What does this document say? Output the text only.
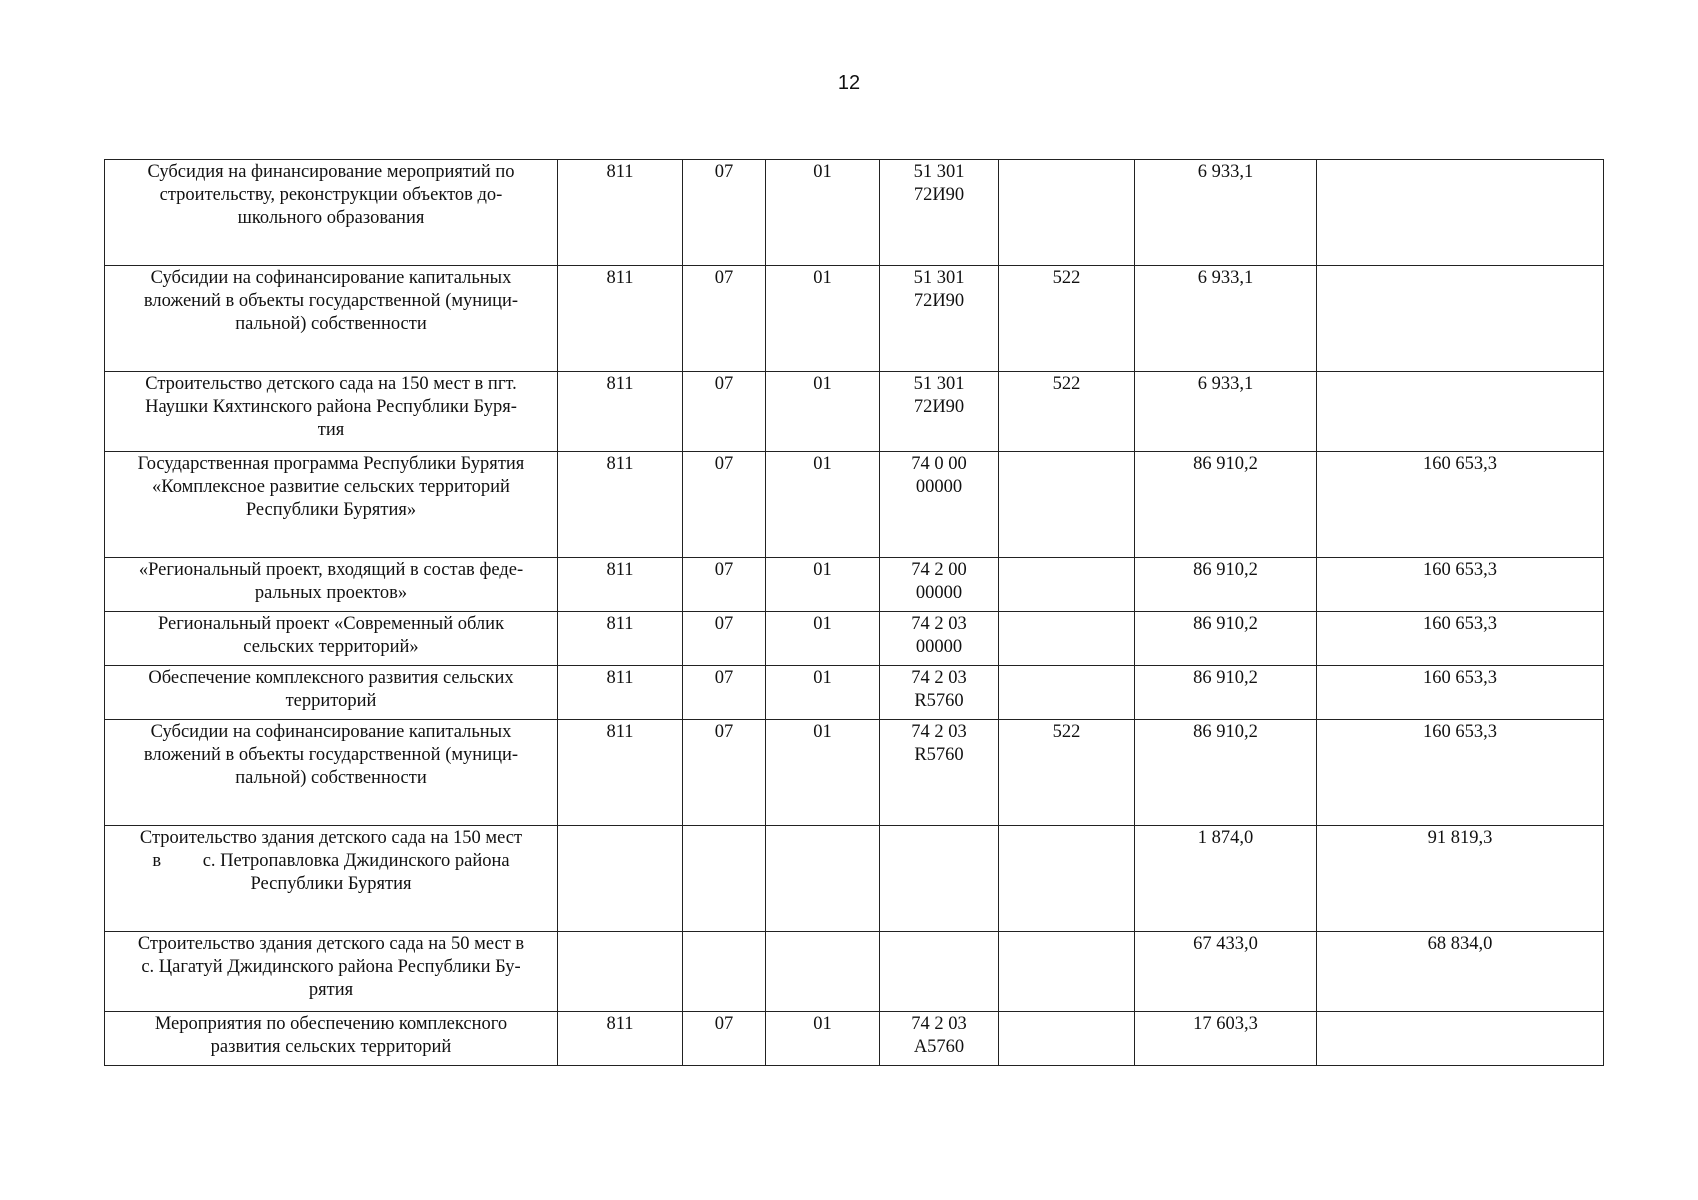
12
Субсидия на финансирование мероприятий по
строительству, реконструкции объектов до-
школьного образования	811	07	01	51 301
72И90		6 933,1	

Субсидии на софинансирование капитальных
вложений в объекты государственной (муници-
пальной) собственности	811	07	01	51 301
72И90	522	6 933,1	

Строительство детского сада на 150 мест в пгт.
Наушки Кяхтинского района Республики Буря-
тия	811	07	01	51 301
72И90	522	6 933,1	

Государственная программа Республики Бурятия
«Комплексное развитие сельских территорий
Республики Бурятия»	811	07	01	74 0 00
00000		86 910,2	160 653,3

«Региональный проект, входящий в состав феде-
ральных проектов»	811	07	01	74 2 00
00000		86 910,2	160 653,3

Региональный проект «Современный облик
сельских территорий»	811	07	01	74 2 03
00000		86 910,2	160 653,3

Обеспечение комплексного развития сельских
территорий	811	07	01	74 2 03
R5760		86 910,2	160 653,3

Субсидии на софинансирование капитальных
вложений в объекты государственной (муници-
пальной) собственности	811	07	01	74 2 03
R5760	522	86 910,2	160 653,3

Строительство здания детского сада на 150 мест
в         с. Петропавловка Джидинского района
Республики Бурятия						1 874,0	91 819,3

Строительство здания детского сада на 50 мест в
с. Цагатуй Джидинского района Республики Бу-
рятия						67 433,0	68 834,0

Мероприятия по обеспечению комплексного
развития сельских территорий	811	07	01	74 2 03
A5760		17 603,3	
